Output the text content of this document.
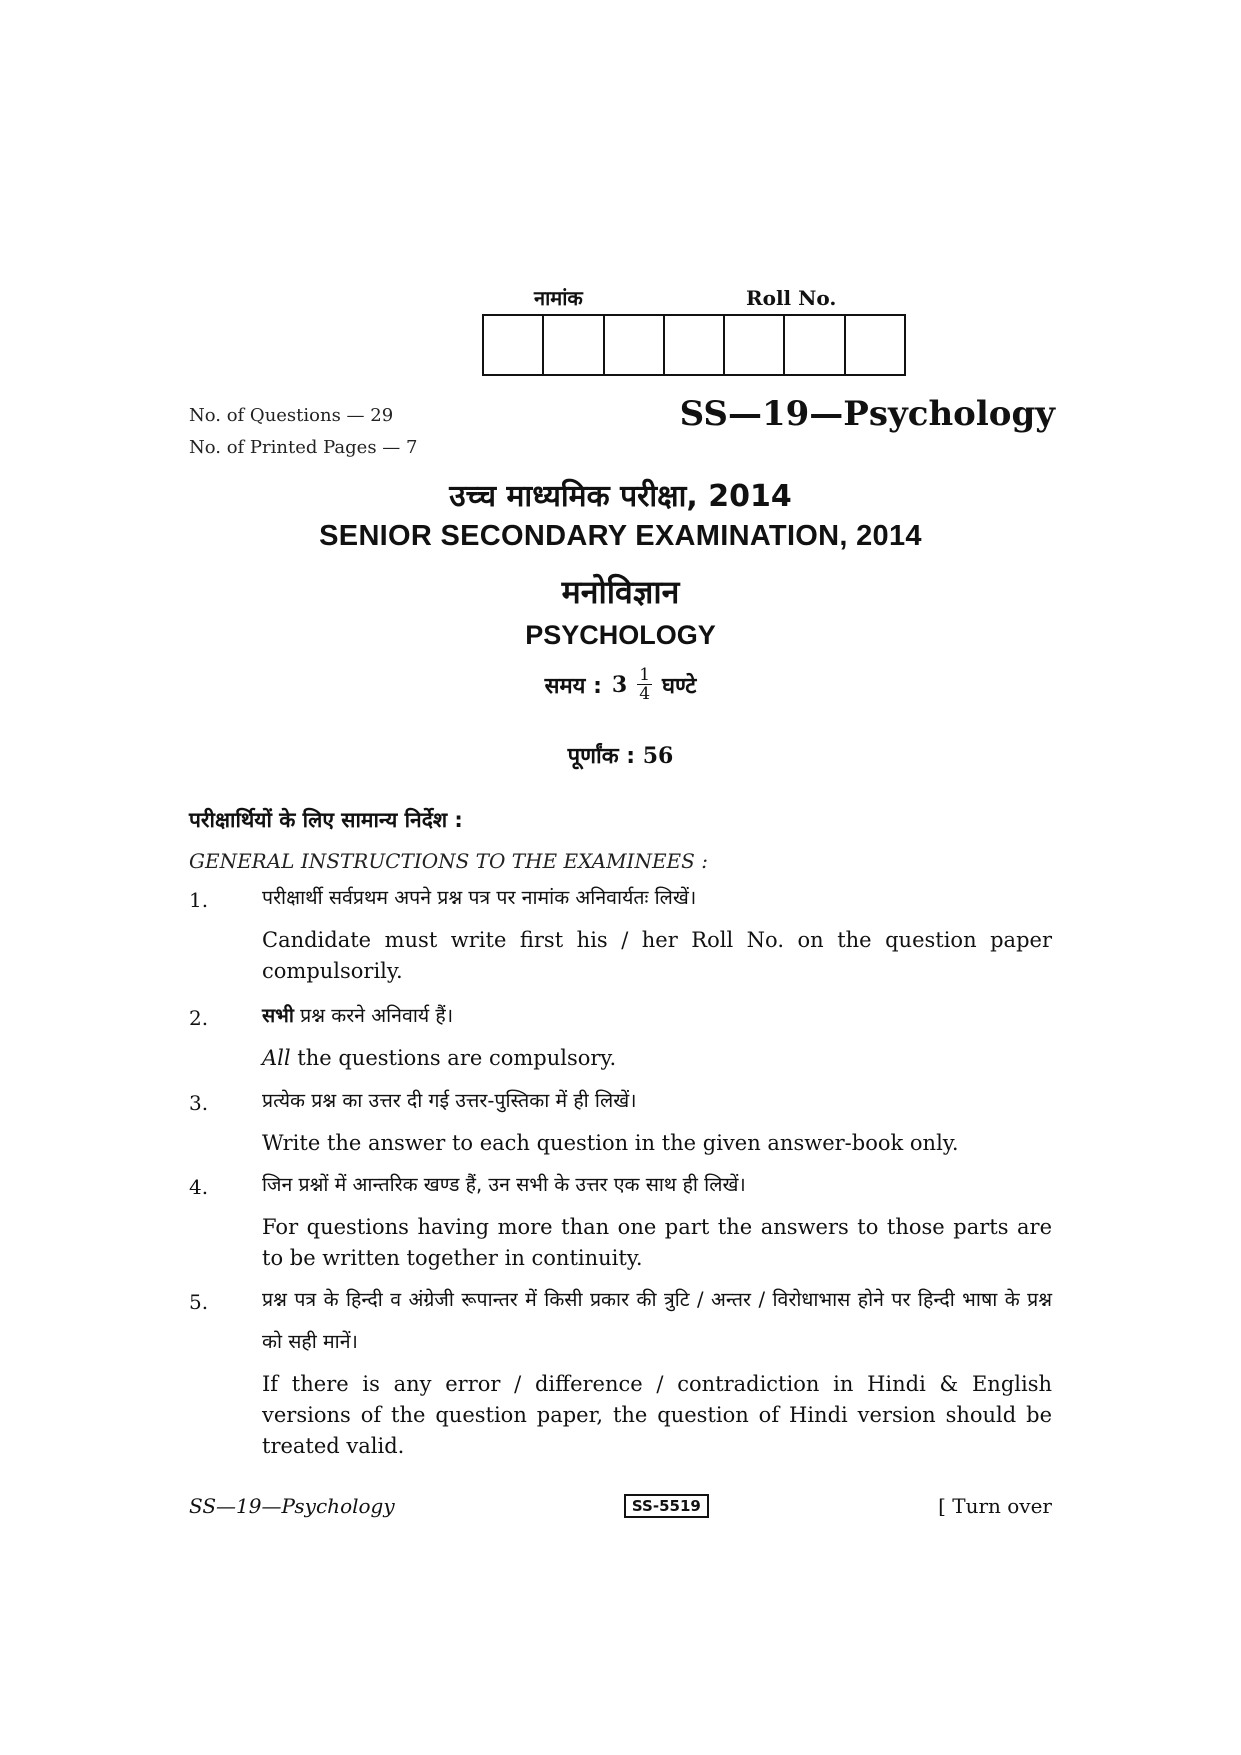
नामांक	Roll No.
No. of Questions — 29
No. of Printed Pages — 7
SS—19—Psychology
उच्च माध्यमिक परीक्षा, 2014
SENIOR SECONDARY EXAMINATION, 2014
मनोविज्ञान
PSYCHOLOGY
समय : $3 \frac{1}{4}$ घण्टे
पूर्णांक : 56
परीक्षार्थियों के लिए सामान्य निर्देश :
GENERAL INSTRUCTIONS TO THE EXAMINEES :
1.	परीक्षार्थी सर्वप्रथम अपने प्रश्न पत्र पर नामांक अनिवार्यतः लिखें।
Candidate must write first his / her Roll No. on the question paper compulsorily.
2.	सभी प्रश्न करने अनिवार्य हैं।
All the questions are compulsory.
3.	प्रत्येक प्रश्न का उत्तर दी गई उत्तर-पुस्तिका में ही लिखें।
Write the answer to each question in the given answer-book only.
4.	जिन प्रश्नों में आन्तरिक खण्ड हैं, उन सभी के उत्तर एक साथ ही लिखें।
For questions having more than one part the answers to those parts are to be written together in continuity.
5.	प्रश्न पत्र के हिन्दी व अंग्रेजी रूपान्तर में किसी प्रकार की त्रुटि / अन्तर / विरोधाभास होने पर हिन्दी भाषा के प्रश्न को सही मानें।
If there is any error / difference / contradiction in Hindi & English versions of the question paper, the question of Hindi version should be treated valid.
SS—19—Psychology	SS-5519	[ Turn over
